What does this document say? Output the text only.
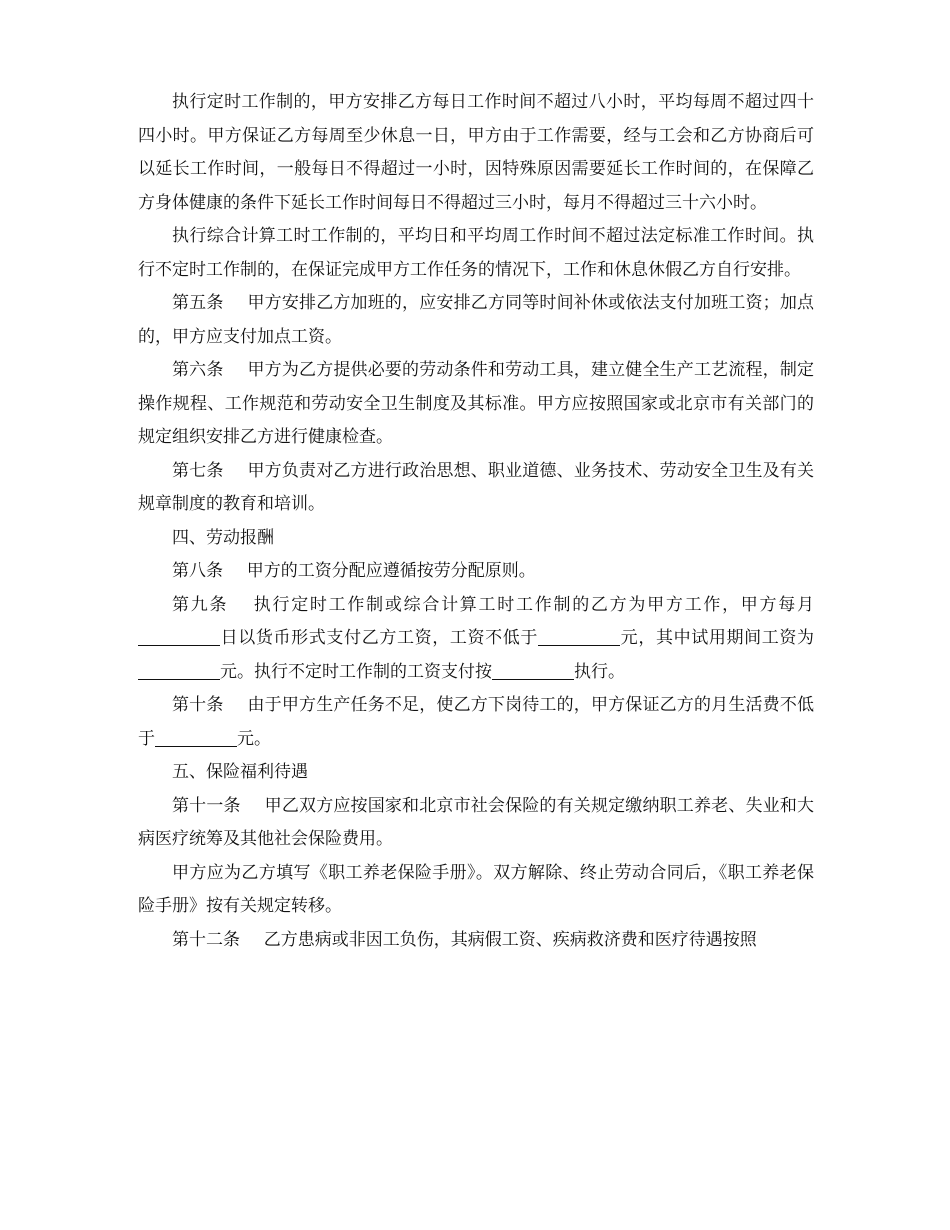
执行定时工作制的，甲方安排乙方每日工作时间不超过八小时，平均每周不超过四十四小时。甲方保证乙方每周至少休息一日，甲方由于工作需要，经与工会和乙方协商后可以延长工作时间，一般每日不得超过一小时，因特殊原因需要延长工作时间的，在保障乙方身体健康的条件下延长工作时间每日不得超过三小时，每月不得超过三十六小时。

执行综合计算工时工作制的，平均日和平均周工作时间不超过法定标准工作时间。执行不定时工作制的，在保证完成甲方工作任务的情况下，工作和休息休假乙方自行安排。

第五条 甲方安排乙方加班的，应安排乙方同等时间补休或依法支付加班工资；加点的，甲方应支付加点工资。

第六条 甲方为乙方提供必要的劳动条件和劳动工具，建立健全生产工艺流程，制定操作规程、工作规范和劳动安全卫生制度及其标准。甲方应按照国家或北京市有关部门的规定组织安排乙方进行健康检查。

第七条 甲方负责对乙方进行政治思想、职业道德、业务技术、劳动安全卫生及有关规章制度的教育和培训。

四、劳动报酬

第八条 甲方的工资分配应遵循按劳分配原则。

第九条 执行定时工作制或综合计算工时工作制的乙方为甲方工作，甲方每月日以货币形式支付乙方工资，工资不低于	元，其中试用期间工资为元。执行不定时工作制的工资支付按	执行。

第十条 由于甲方生产任务不足，使乙方下岗待工的，甲方保证乙方的月生活费不低于	元。

五、保险福利待遇

第十一条 甲乙双方应按国家和北京市社会保险的有关规定缴纳职工养老、失业和大病医疗统筹及其他社会保险费用。

甲方应为乙方填写《职工养老保险手册》。双方解除、终止劳动合同后，《职工养老保险手册》按有关规定转移。

第十二条 乙方患病或非因工负伤，其病假工资、疾病救济费和医疗待遇按照
